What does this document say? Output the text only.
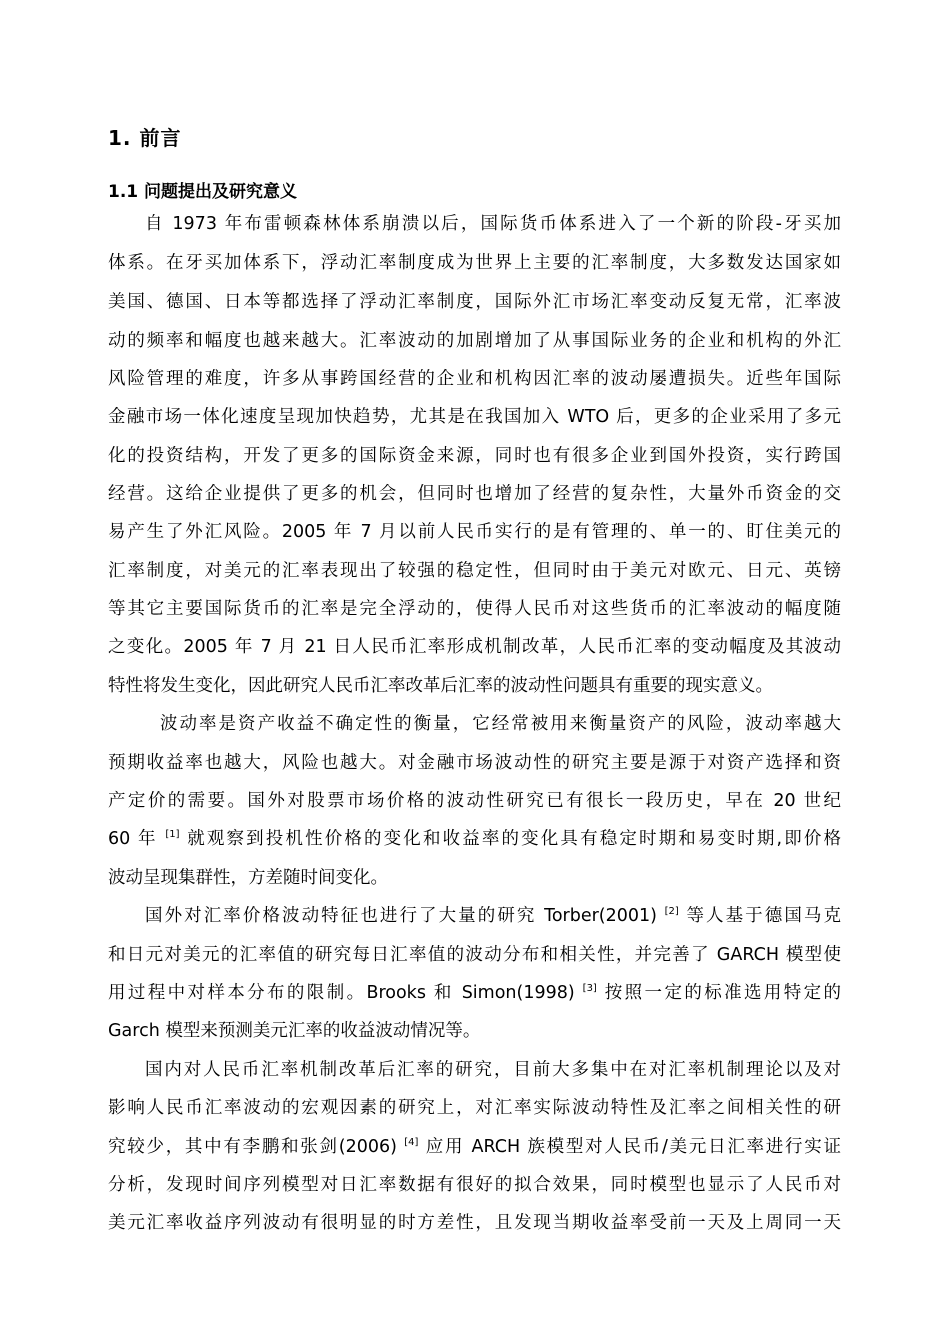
1. 前言
1.1 问题提出及研究意义
自 1973 年布雷顿森林体系崩溃以后，国际货币体系进入了一个新的阶段-牙买加
体系。在牙买加体系下，浮动汇率制度成为世界上主要的汇率制度，大多数发达国家如
美国、德国、日本等都选择了浮动汇率制度，国际外汇市场汇率变动反复无常，汇率波
动的频率和幅度也越来越大。汇率波动的加剧增加了从事国际业务的企业和机构的外汇
风险管理的难度，许多从事跨国经营的企业和机构因汇率的波动屡遭损失。近些年国际
金融市场一体化速度呈现加快趋势，尤其是在我国加入 WTO 后，更多的企业采用了多元
化的投资结构，开发了更多的国际资金来源，同时也有很多企业到国外投资，实行跨国
经营。这给企业提供了更多的机会，但同时也增加了经营的复杂性，大量外币资金的交
易产生了外汇风险。2005 年 7 月以前人民币实行的是有管理的、单一的、盯住美元的
汇率制度，对美元的汇率表现出了较强的稳定性，但同时由于美元对欧元、日元、英镑
等其它主要国际货币的汇率是完全浮动的，使得人民币对这些货币的汇率波动的幅度随
之变化。2005 年 7 月 21 日人民币汇率形成机制改革，人民币汇率的变动幅度及其波动
特性将发生变化，因此研究人民币汇率改革后汇率的波动性问题具有重要的现实意义。
波动率是资产收益不确定性的衡量，它经常被用来衡量资产的风险，波动率越大
预期收益率也越大，风险也越大。对金融市场波动性的研究主要是源于对资产选择和资
产定价的需要。国外对股票市场价格的波动性研究已有很长一段历史，早在 20 世纪
60 年 [1] 就观察到投机性价格的变化和收益率的变化具有稳定时期和易变时期,即价格
波动呈现集群性，方差随时间变化。
国外对汇率价格波动特征也进行了大量的研究 Torber(2001) [2] 等人基于德国马克
和日元对美元的汇率值的研究每日汇率值的波动分布和相关性，并完善了 GARCH 模型使
用过程中对样本分布的限制。Brooks 和 Simon(1998) [3] 按照一定的标准选用特定的
Garch 模型来预测美元汇率的收益波动情况等。
国内对人民币汇率机制改革后汇率的研究，目前大多集中在对汇率机制理论以及对
影响人民币汇率波动的宏观因素的研究上，对汇率实际波动特性及汇率之间相关性的研
究较少，其中有李鹏和张剑(2006) [4] 应用 ARCH 族模型对人民币/美元日汇率进行实证
分析，发现时间序列模型对日汇率数据有很好的拟合效果，同时模型也显示了人民币对
美元汇率收益序列波动有很明显的时方差性，且发现当期收益率受前一天及上周同一天
